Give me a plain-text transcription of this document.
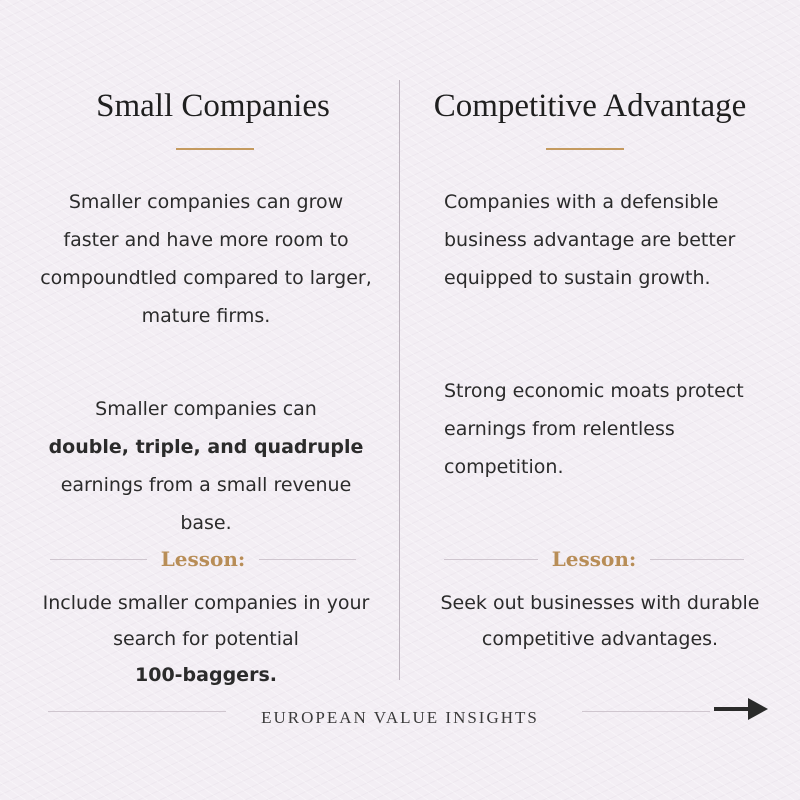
Small Companies	Competitive Advantage
Smaller companies can grow faster and have more room to compoundtled compared to larger, mature firms.
Smaller companies can
double, triple, and quadruple
earnings from a small revenue base.
Lesson:
Include smaller companies in your search for potential
100-baggers.
Companies with a defensible business advantage are better equipped to sustain growth.
Strong economic moats protect earnings from relentless competition.
Lesson:
Seek out businesses with durable competitive advantages.
EUROPEAN VALUE INSIGHTS
